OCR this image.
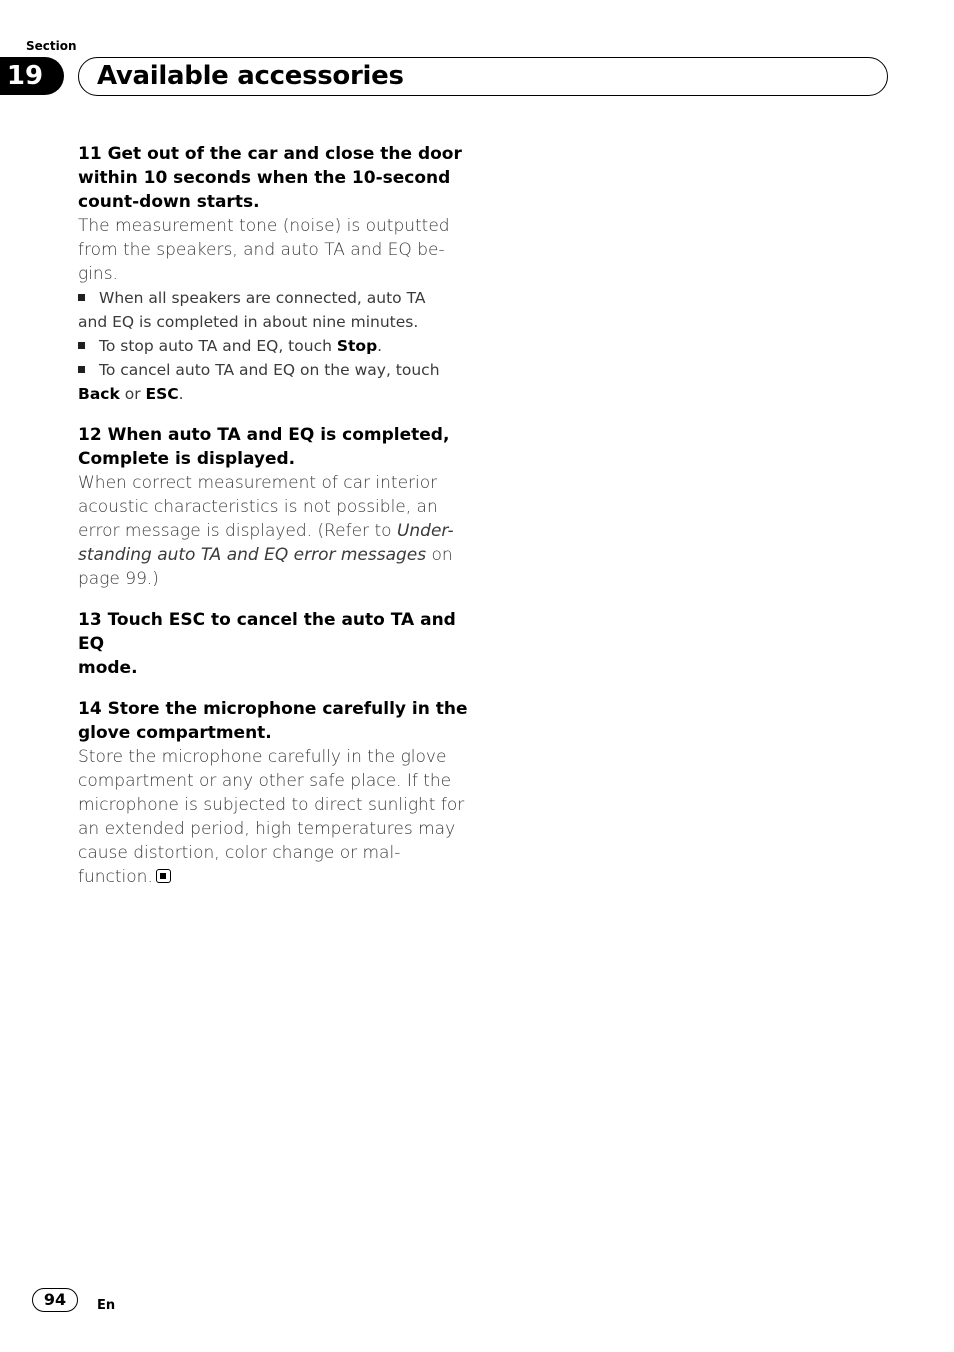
Section
19	Available accessories

11 Get out of the car and close the door
within 10 seconds when the 10-second
count-down starts.

The measurement tone (noise) is outputted
from the speakers, and auto TA and EQ be-
gins.

When all speakers are connected, auto TA
and EQ is completed in about nine minutes.

To stop auto TA and EQ, touch Stop.

To cancel auto TA and EQ on the way, touch
Back or ESC.

12 When auto TA and EQ is completed,
Complete is displayed.

When correct measurement of car interior
acoustic characteristics is not possible, an
error message is displayed. (Refer to Under-
standing auto TA and EQ error messages on
page 99.)

13 Touch ESC to cancel the auto TA and EQ
mode.

14 Store the microphone carefully in the
glove compartment.

Store the microphone carefully in the glove
compartment or any other safe place. If the
microphone is subjected to direct sunlight for
an extended period, high temperatures may
cause distortion, color change or mal-
function.

94	En
